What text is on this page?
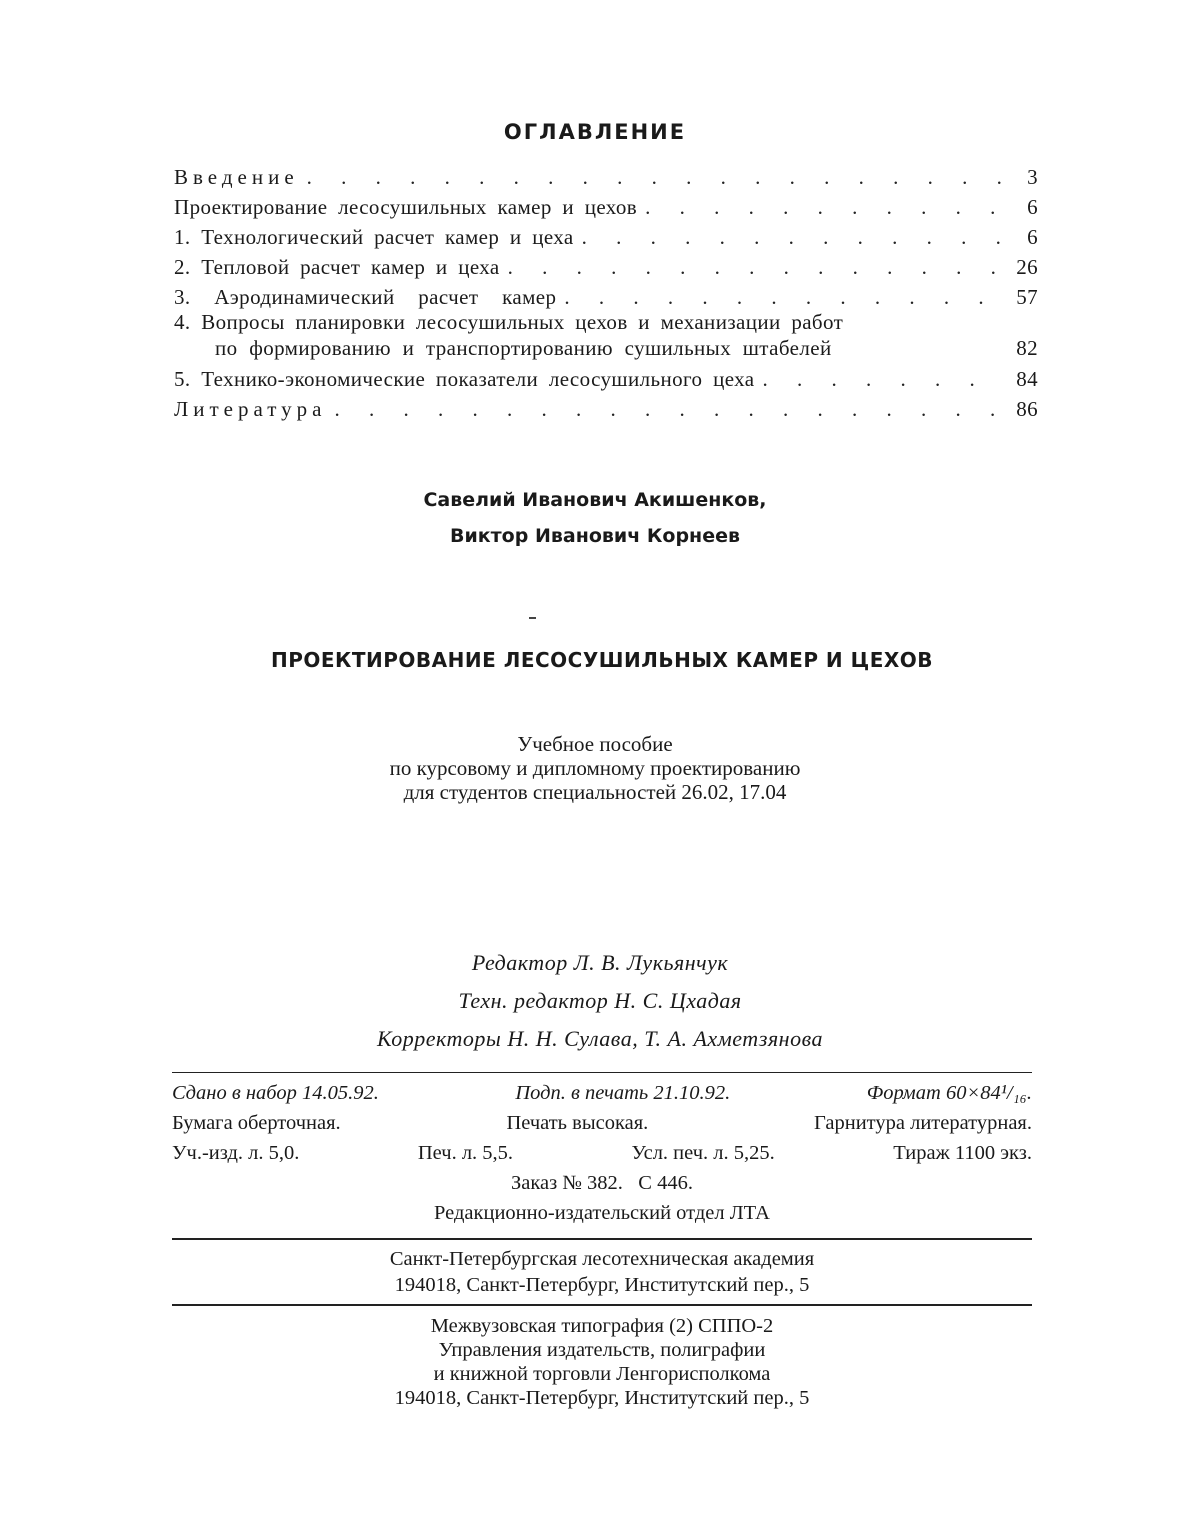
ОГЛАВЛЕНИЕ
Введение . . .	3
Проектирование лесосушильных камер и цехов . . .	6
1. Технологический расчет камер и цеха . . .	6
2. Тепловой расчет камер и цеха . . .	26
3. Аэродинамический расчет камер . . .	57
4. Вопросы планировки лесосушильных цехов и механизации работ
по формированию и транспортированию сушильных штабелей	82
5. Технико-экономические показатели лесосушильного цеха . . .	84
Литература . . .	86
Савелий Иванович Акишенков,
Виктор Иванович Корнеев
ПРОЕКТИРОВАНИЕ ЛЕСОСУШИЛЬНЫХ КАМЕР И ЦЕХОВ
Учебное пособие
по курсовому и дипломному проектированию
для студентов специальностей 26.02, 17.04
Редактор Л. В. Лукьянчук
Техн. редактор Н. С. Цхадая
Корректоры Н. Н. Сулава, Т. А. Ахметзянова
Сдано в набор 14.05.92.	Подп. в печать 21.10.92.	Формат 60×84¹/₁₆.
Бумага оберточная.	Печать высокая.	Гарнитура литературная.
Уч.-изд. л. 5,0.	Печ. л. 5,5.	Усл. печ. л. 5,25.	Тираж 1100 экз.
Заказ № 382.   С 446.
Редакционно-издательский отдел ЛТА
Санкт-Петербургская лесотехническая академия
194018, Санкт-Петербург, Институтский пер., 5
Межвузовская типография (2) СППО-2
Управления издательств, полиграфии
и книжной торговли Ленгорисполкома
194018, Санкт-Петербург, Институтский пер., 5
